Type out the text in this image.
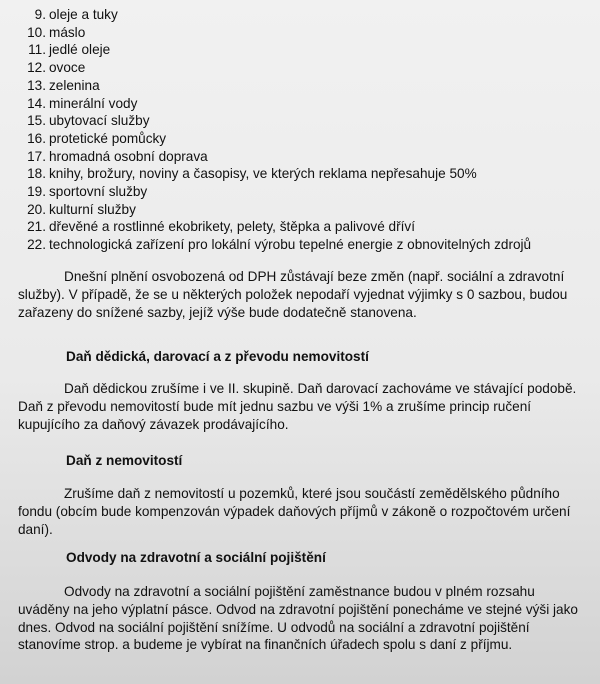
9. oleje a tuky
10. máslo
11. jedlé oleje
12. ovoce
13. zelenina
14. minerální vody
15. ubytovací služby
16. protetické pomůcky
17. hromadná osobní doprava
18. knihy, brožury, noviny a časopisy, ve kterých reklama nepřesahuje 50%
19. sportovní služby
20. kulturní služby
21. dřevěné a rostlinné ekobrikety, pelety, štěpka a palivové dříví
22. technologická zařízení pro lokální výrobu tepelné energie z obnovitelných zdrojů

Dnešní plnění osvobozená od DPH zůstávají beze změn (např. sociální a zdravotní služby). V případě, že se u některých položek nepodaří vyjednat výjimky s 0 sazbou, budou zařazeny do snížené sazby, jejíž výše bude dodatečně stanovena.

Daň dědická, darovací a z převodu nemovitostí

Daň dědickou zrušíme i ve II. skupině. Daň darovací zachováme ve stávající podobě. Daň z převodu nemovitostí bude mít jednu sazbu ve výši 1% a zrušíme princip ručení kupujícího za daňový závazek prodávajícího.

Daň z nemovitostí

Zrušíme daň z nemovitostí u pozemků, které jsou součástí zemědělského půdního fondu (obcím bude kompenzován výpadek daňových příjmů v zákoně o rozpočtovém určení daní).

Odvody na zdravotní a sociální pojištění

Odvody na zdravotní a sociální pojištění zaměstnance budou v plném rozsahu uváděny na jeho výplatní pásce. Odvod na zdravotní pojištění ponecháme ve stejné výši jako dnes. Odvod na sociální pojištění snížíme. U odvodů na sociální a zdravotní pojištění stanovíme strop. a budeme je vybírat na finančních úřadech spolu s daní z příjmu.
